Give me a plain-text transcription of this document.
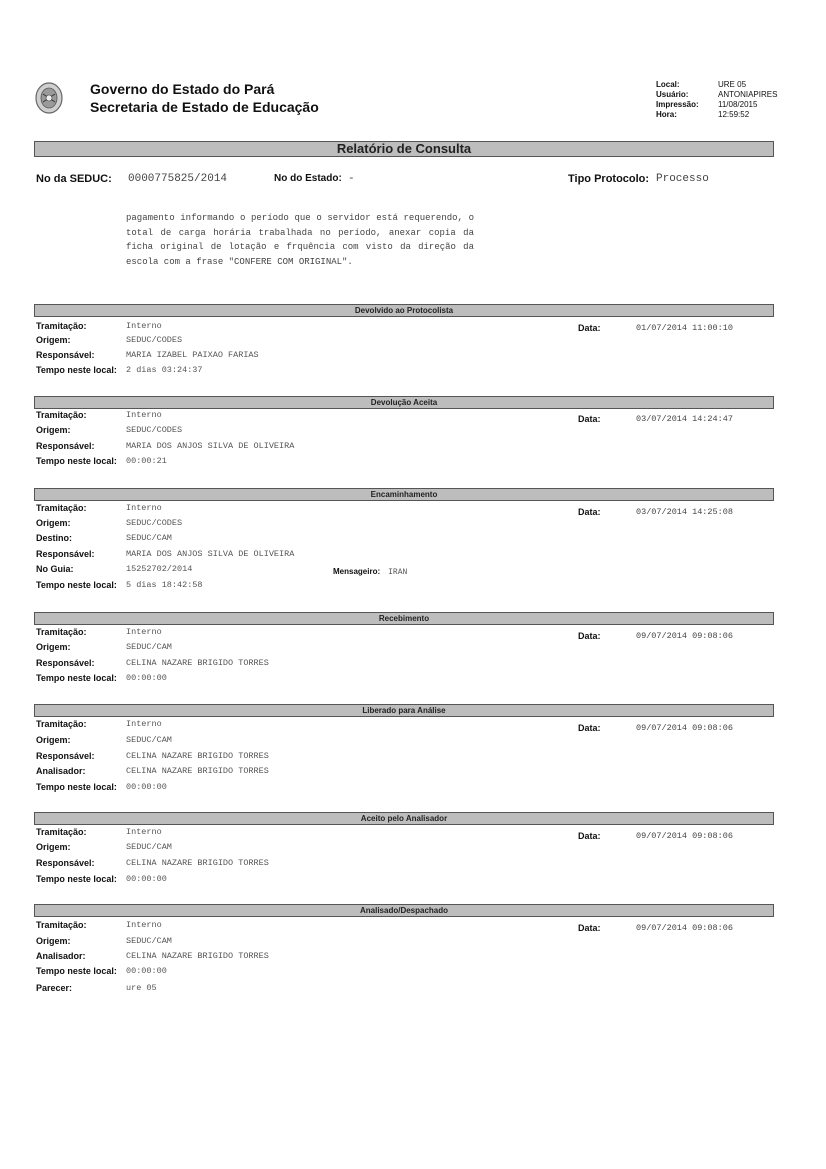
Governo do Estado do Pará
Secretaria de Estado de Educação
Local:	URE 05
Usuário:	ANTONIAPIRES
Impressão:	11/08/2015
Hora:	12:59:52
Relatório de Consulta
No da SEDUC: 0000775825/2014	No do Estado: -	Tipo Protocolo: Processo
pagamento informando o período que o servidor está requerendo, o total de carga horária trabalhada no período, anexar copia da ficha original de lotação e frquência com visto da direção da escola com a frase "CONFERE COM ORIGINAL".
Devolvido ao Protocolista
Tramitação:	Interno
Origem:	SEDUC/CODES
Responsável:	MARIA IZABEL PAIXAO FARIAS
Tempo neste local: 2 dias 03:24:37
Data:	01/07/2014 11:00:10
Devolução Aceita
Tramitação:	Interno
Origem:	SEDUC/CODES
Responsável:	MARIA DOS ANJOS SILVA DE OLIVEIRA
Tempo neste local: 00:00:21
Data:	03/07/2014 14:24:47
Encaminhamento
Tramitação:	Interno
Origem:	SEDUC/CODES
Destino:	SEDUC/CAM
Responsável:	MARIA DOS ANJOS SILVA DE OLIVEIRA
No Guia:	15252702/2014
Tempo neste local: 5 dias 18:42:58
Mensageiro: IRAN
Data:	03/07/2014 14:25:08
Recebimento
Tramitação:	Interno
Origem:	SEDUC/CAM
Responsável:	CELINA NAZARE BRIGIDO TORRES
Tempo neste local: 00:00:00
Data:	09/07/2014 09:08:06
Liberado para Análise
Tramitação:	Interno
Origem:	SEDUC/CAM
Responsável:	CELINA NAZARE BRIGIDO TORRES
Analisador:	CELINA NAZARE BRIGIDO TORRES
Tempo neste local: 00:00:00
Data:	09/07/2014 09:08:06
Aceito pelo Analisador
Tramitação:	Interno
Origem:	SEDUC/CAM
Responsável:	CELINA NAZARE BRIGIDO TORRES
Tempo neste local: 00:00:00
Data:	09/07/2014 09:08:06
Analisado/Despachado
Tramitação:	Interno
Origem:	SEDUC/CAM
Analisador:	CELINA NAZARE BRIGIDO TORRES
Tempo neste local: 00:00:00
Parecer:	ure 05
Data:	09/07/2014 09:08:06
